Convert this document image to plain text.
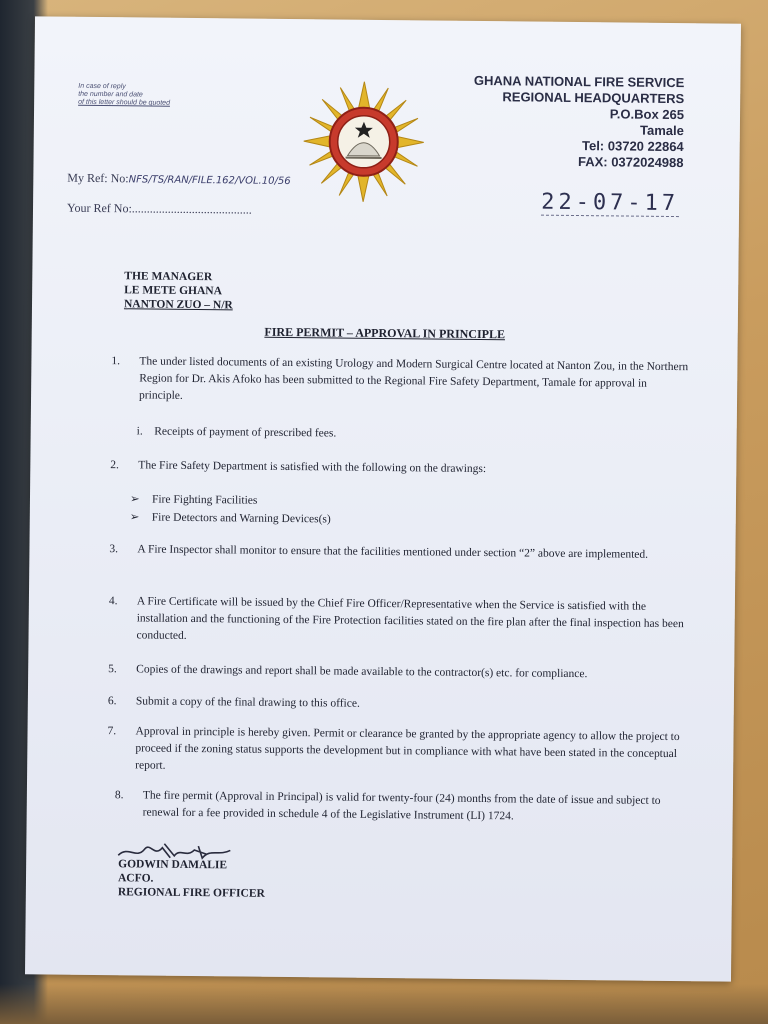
In case of reply
the number and date
of this letter should be quoted
GHANA NATIONAL FIRE SERVICE
REGIONAL HEADQUARTERS
P.O.Box 265
Tamale
Tel: 03720 22864
FAX: 0372024988
My Ref: No:NFS/TS/RAN/FILE.162/VOL.10/56
Your Ref No:........................................	22-07-17
THE MANAGER
LE METE GHANA
NANTON ZUO – N/R
FIRE PERMIT – APPROVAL IN PRINCIPLE
1.	The under listed documents of an existing Urology and Modern Surgical Centre located at Nanton Zou, in the Northern Region for Dr. Akis Afoko has been submitted to the Regional Fire Safety Department, Tamale for approval in principle.
i. Receipts of payment of prescribed fees.
2.	The Fire Safety Department is satisfied with the following on the drawings:
➢ Fire Fighting Facilities
➢ Fire Detectors and Warning Devices(s)
3.	A Fire Inspector shall monitor to ensure that the facilities mentioned under section “2” above are implemented.
4.	A Fire Certificate will be issued by the Chief Fire Officer/Representative when the Service is satisfied with the installation and the functioning of the Fire Protection facilities stated on the fire plan after the final inspection has been conducted.
5.	Copies of the drawings and report shall be made available to the contractor(s) etc. for compliance.
6.	Submit a copy of the final drawing to this office.
7.	Approval in principle is hereby given. Permit or clearance be granted by the appropriate agency to allow the project to proceed if the zoning status supports the development but in compliance with what have been stated in the conceptual report.
8.	The fire permit (Approval in Principal) is valid for twenty-four (24) months from the date of issue and subject to renewal for a fee provided in schedule 4 of the Legislative Instrument (LI) 1724.
GODWIN DAMALIE
ACFO.
REGIONAL FIRE OFFICER
